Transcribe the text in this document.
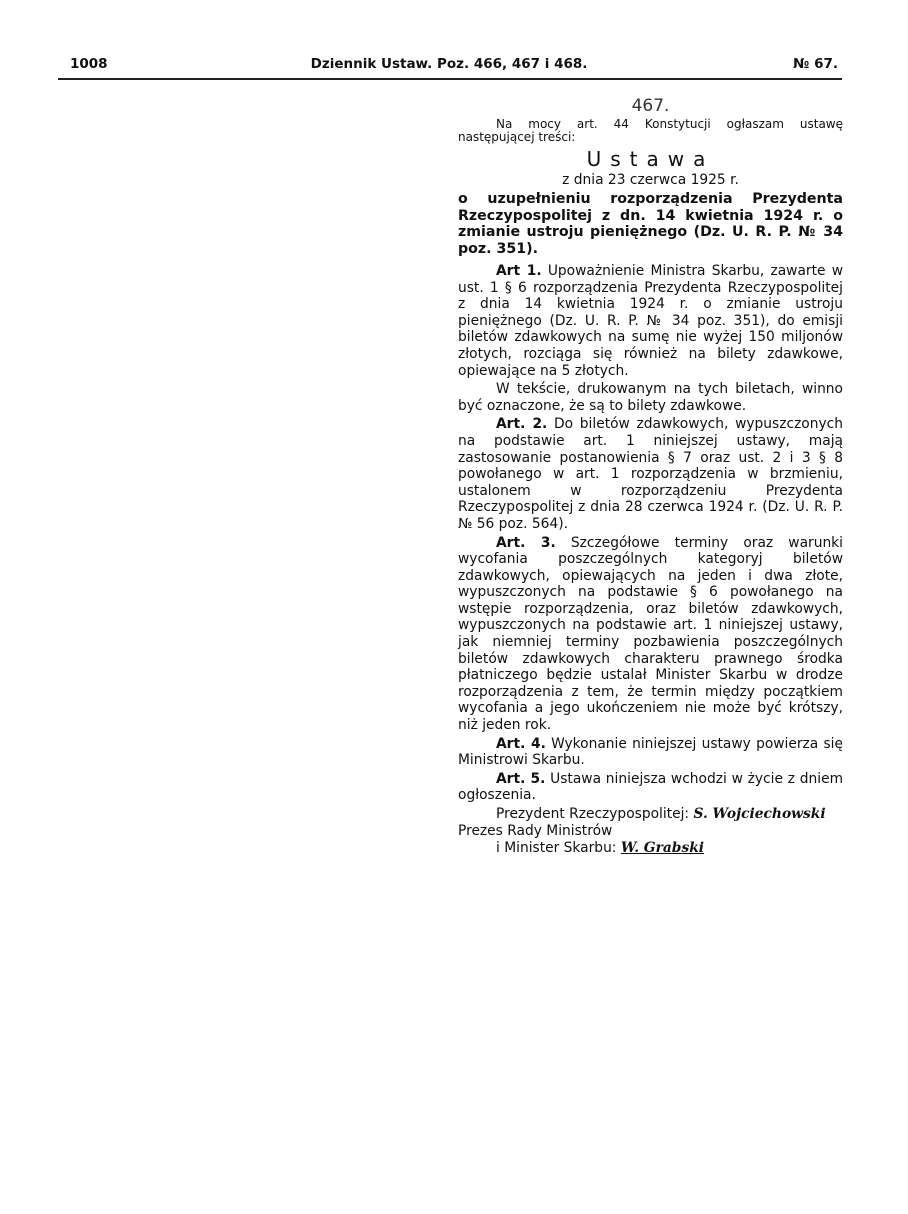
1008	Dziennik Ustaw. Poz. 466, 467 i 468.	№ 67.
467.

Na mocy art. 44 Konstytucji ogłaszam ustawę następującej treści:

Ustawa
z dnia 23 czerwca 1925 r.

o uzupełnieniu rozporządzenia Prezydenta Rzeczypospolitej z dn. 14 kwietnia 1924 r. o zmianie ustroju pieniężnego (Dz. U. R. P. № 34 poz. 351).

Art 1. Upoważnienie Ministra Skarbu, zawarte w ust. 1 § 6 rozporządzenia Prezydenta Rzeczypospolitej z dnia 14 kwietnia 1924 r. o zmianie ustroju pieniężnego (Dz. U. R. P. № 34 poz. 351), do emisji biletów zdawkowych na sumę nie wyżej 150 miljonów złotych, rozciąga się również na bilety zdawkowe, opiewające na 5 złotych.

W tekście, drukowanym na tych biletach, winno być oznaczone, że są to bilety zdawkowe.

Art. 2. Do biletów zdawkowych, wypuszczonych na podstawie art. 1 niniejszej ustawy, mają zastosowanie postanowienia § 7 oraz ust. 2 i 3 § 8 powołanego w art. 1 rozporządzenia w brzmieniu, ustalonem w rozporządzeniu Prezydenta Rzeczypospolitej z dnia 28 czerwca 1924 r. (Dz. U. R. P. № 56 poz. 564).

Art. 3. Szczegółowe terminy oraz warunki wycofania poszczególnych kategoryj biletów zdawkowych, opiewających na jeden i dwa złote, wypuszczonych na podstawie § 6 powołanego na wstępie rozporządzenia, oraz biletów zdawkowych, wypuszczonych na podstawie art. 1 niniejszej ustawy, jak niemniej terminy pozbawienia poszczególnych biletów zdawkowych charakteru prawnego środka płatniczego będzie ustalał Minister Skarbu w drodze rozporządzenia z tem, że termin między początkiem wycofania a jego ukończeniem nie może być krótszy, niż jeden rok.

Art. 4. Wykonanie niniejszej ustawy powierza się Ministrowi Skarbu.

Art. 5. Ustawa niniejsza wchodzi w życie z dniem ogłoszenia.

Prezydent Rzeczypospolitej: S. Wojciechowski
Prezes Rady Ministrów
i Minister Skarbu: W. Grabski
